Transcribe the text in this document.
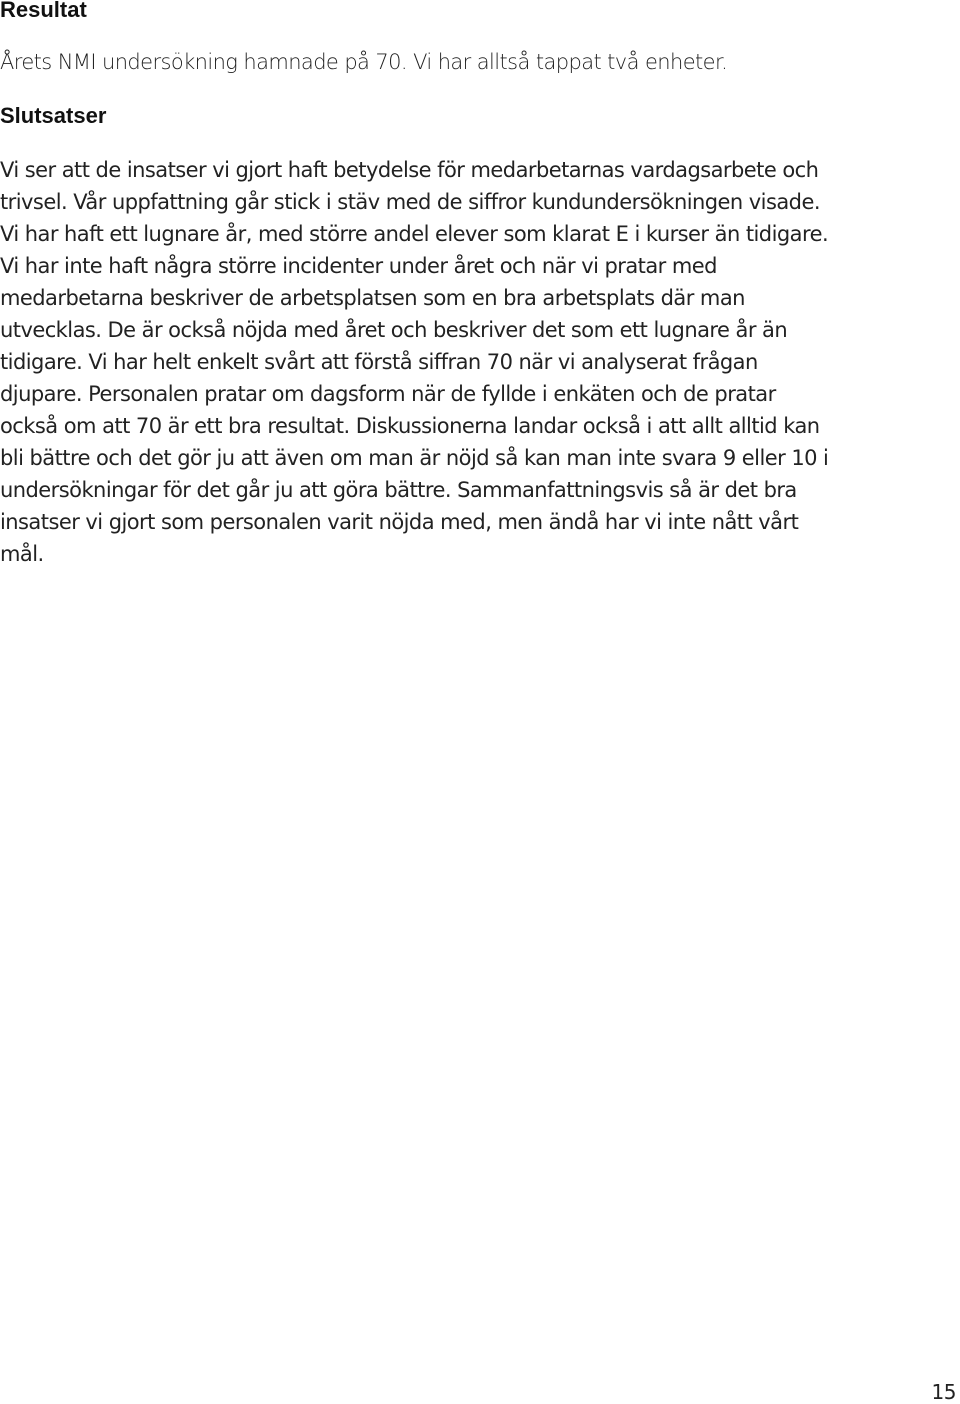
Resultat

Årets NMI undersökning hamnade på 70. Vi har alltså tappat två enheter.

Slutsatser
Vi ser att de insatser vi gjort haft betydelse för medarbetarnas vardagsarbete och
trivsel. Vår uppfattning går stick i stäv med de siffror kundundersökningen visade.
Vi har haft ett lugnare år, med större andel elever som klarat E i kurser än tidigare.
Vi har inte haft några större incidenter under året och när vi pratar med
medarbetarna beskriver de arbetsplatsen som en bra arbetsplats där man
utvecklas. De är också nöjda med året och beskriver det som ett lugnare år än
tidigare. Vi har helt enkelt svårt att förstå siffran 70 när vi analyserat frågan
djupare. Personalen pratar om dagsform när de fyllde i enkäten och de pratar
också om att 70 är ett bra resultat. Diskussionerna landar också i att allt alltid kan
bli bättre och det gör ju att även om man är nöjd så kan man inte svara 9 eller 10 i
undersökningar för det går ju att göra bättre. Sammanfattningsvis så är det bra
insatser vi gjort som personalen varit nöjda med, men ändå har vi inte nått vårt
mål.
15
